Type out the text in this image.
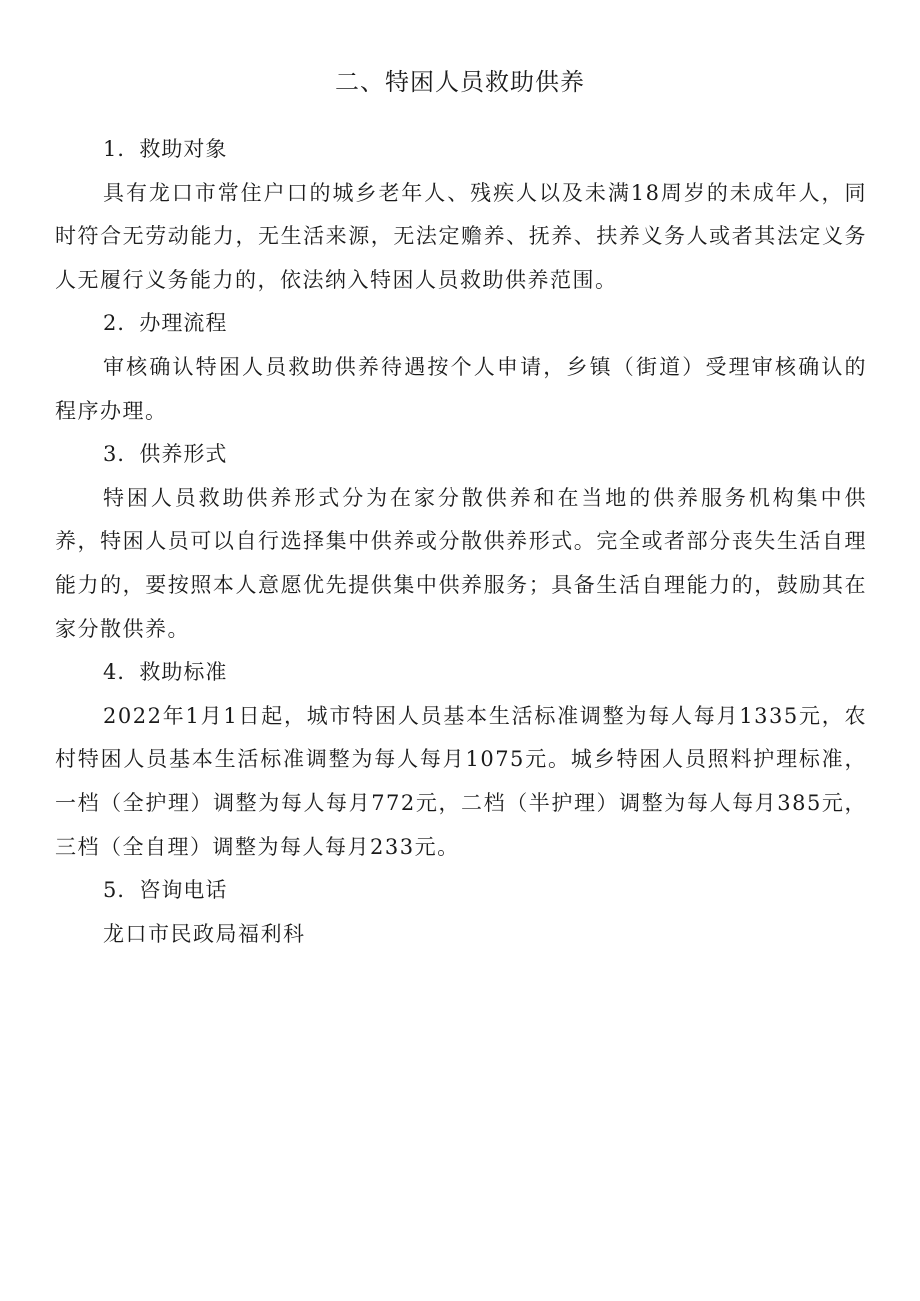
二、特困人员救助供养

1．救助对象

具有龙口市常住户口的城乡老年人、残疾人以及未满18周岁的未成年人，同时符合无劳动能力，无生活来源，无法定赡养、抚养、扶养义务人或者其法定义务人无履行义务能力的，依法纳入特困人员救助供养范围。

2．办理流程

审核确认特困人员救助供养待遇按个人申请，乡镇（街道）受理审核确认的程序办理。

3．供养形式

特困人员救助供养形式分为在家分散供养和在当地的供养服务机构集中供养，特困人员可以自行选择集中供养或分散供养形式。完全或者部分丧失生活自理能力的，要按照本人意愿优先提供集中供养服务；具备生活自理能力的，鼓励其在家分散供养。

4．救助标准

2022年1月1日起，城市特困人员基本生活标准调整为每人每月1335元，农村特困人员基本生活标准调整为每人每月1075元。城乡特困人员照料护理标准，一档（全护理）调整为每人每月772元，二档（半护理）调整为每人每月385元，三档（全自理）调整为每人每月233元。

5．咨询电话

龙口市民政局福利科
